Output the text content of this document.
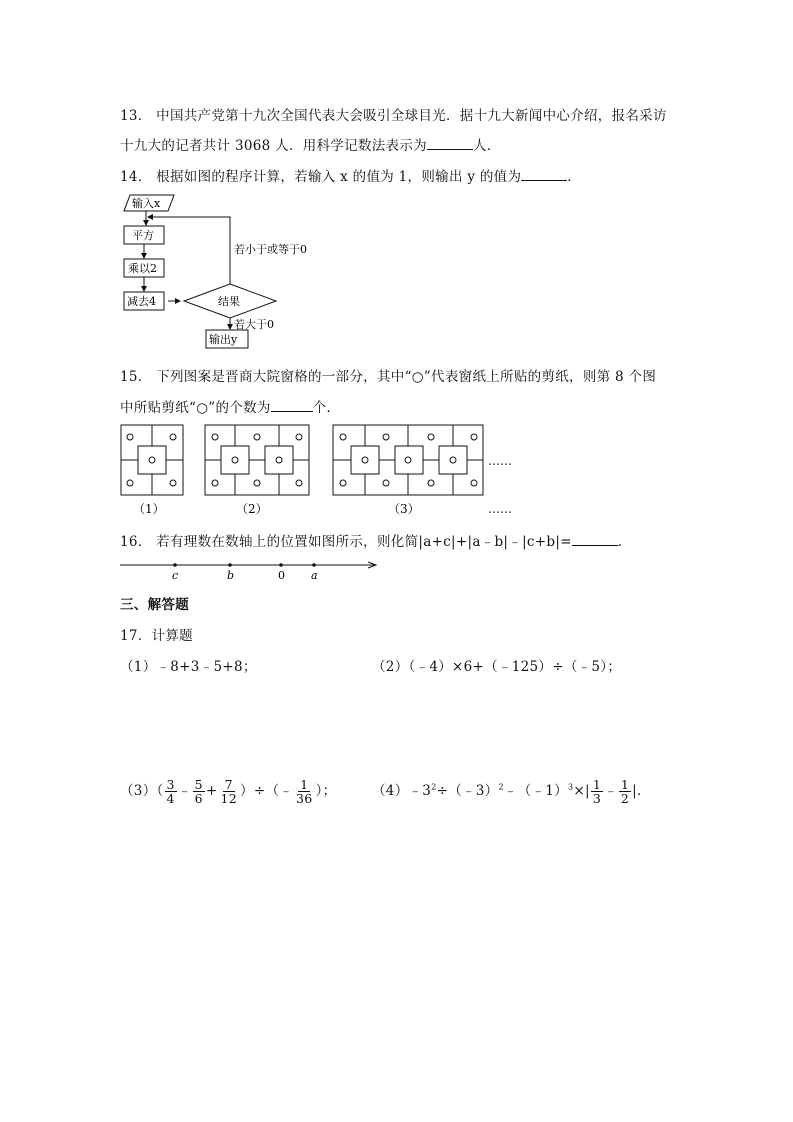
13． 中国共产党第十九次全国代表大会吸引全球目光．据十九大新闻中心介绍，报名采访
十九大的记者共计 3068 人．用科学记数法表示为	人．
14． 根据如图的程序计算，若输入 x 的值为 1，则输出 y 的值为	．
输入x
平方
乘以2
减去4	结果
输出y
若小于或等于0
若大于0
15． 下列图案是晋商大院窗格的一部分，其中“○”代表窗纸上所贴的剪纸，则第 8 个图
中所贴剪纸“○”的个数为	个．
……
……
（1）	（2）	（3）
16． 若有理数在数轴上的位置如图所示，则化简|a+c|+|a﹣b|﹣|c+b|=	．
c	b	0 a
三、解答题
17．计算题
（1）﹣8+3﹣5+8；	（2）（﹣4）×6+（﹣125）÷（﹣5）；
$(3)( \frac{3}{4}$ ﹣ $\frac{5}{6} + \frac{7}{12}$ ）÷（﹣ $\frac{1}{36}$ ）；	$(4)﹣3^2\div(﹣3)^2﹣(﹣1)^3\times| \frac{1}{3}$ ﹣ $\frac{1}{2}$ |．
